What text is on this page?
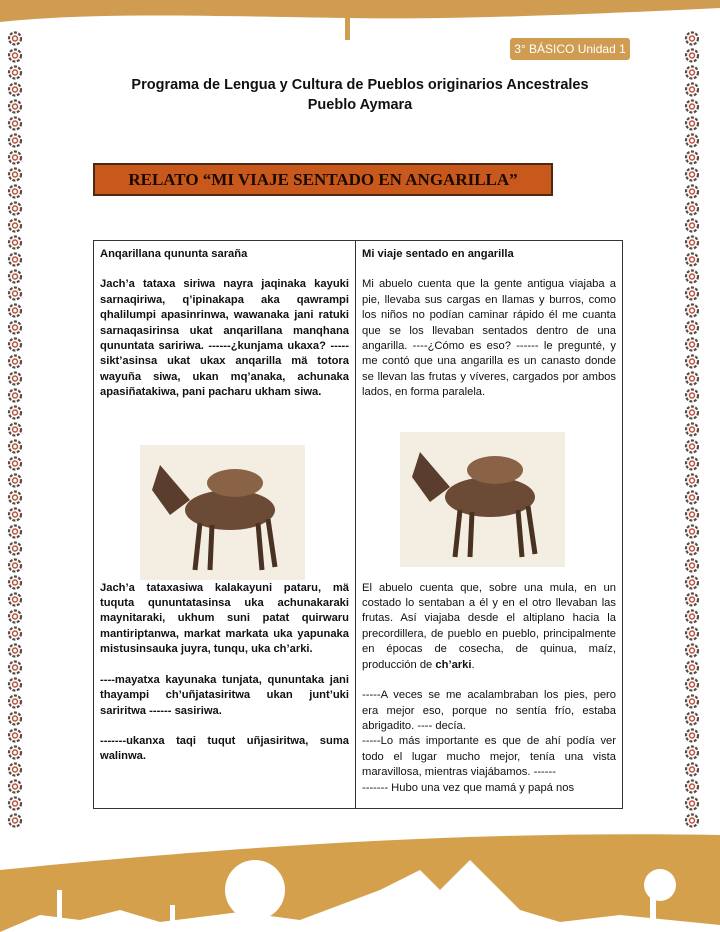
3° BÁSICO Unidad 1
Programa de Lengua y Cultura de Pueblos originarios Ancestrales
Pueblo Aymara
RELATO “MI VIAJE SENTADO EN ANGARILLA”
Anqarillana qununta saraña

Jach’a tataxa siriwa nayra jaqinaka kayuki sarnaqiriwa, q’ipinakapa aka qawrampi qhalilumpi apasinrinwa, wawanaka jani ratuki sarnaqasirinsa ukat anqarillana manqhana qununtata saririwa. ------¿kunjama ukaxa? ----- sikt’asinsa ukat ukax anqarilla mä totora wayuña siwa, ukan mq’anaka, achunaka apasiñatakiwa, pani pacharu ukham siwa.

Jach’a tataxasiwa kalakayuni pataru, mä tuquta qununtatasinsa uka achunakaraki maynitaraki, ukhum suni patat quirwaru mantiriptanwa, markat markata uka yapunaka mistusinsauka juyra, tunqu, uka ch’arki.

----mayatxa kayunaka tunjata, qununtaka jani thayampi ch’uñjatasiritwa ukan junt’uki sariritwa ------ sasiriwa.

-------ukanxa taqi tuqut uñjasiritwa, suma walinwa.

Mi viaje sentado en angarilla

Mi abuelo cuenta que la gente antigua viajaba a pie, llevaba sus cargas en llamas y burros, como los niños no podían caminar rápido él me cuanta que se los llevaban sentados dentro de una angarilla. ----¿Cómo es eso? ------ le pregunté, y me contó que una angarilla es un canasto donde se llevan las frutas y víveres, cargados por ambos lados, en forma paralela.

El abuelo cuenta que, sobre una mula, en un costado lo sentaban a él y en el otro llevaban las frutas. Así viajaba desde el altiplano hacia la precordillera, de pueblo en pueblo, principalmente en épocas de cosecha, de quinua, maíz, producción de ch’arki.

-----A veces se me acalambraban los pies, pero era mejor eso, porque no sentía frío, estaba abrigadito. ---- decía.

-----Lo más importante es que de ahí podía ver todo el lugar mucho mejor, tenía una vista maravillosa, mientras viajábamos. ------

------- Hubo una vez que mamá y papá nos
